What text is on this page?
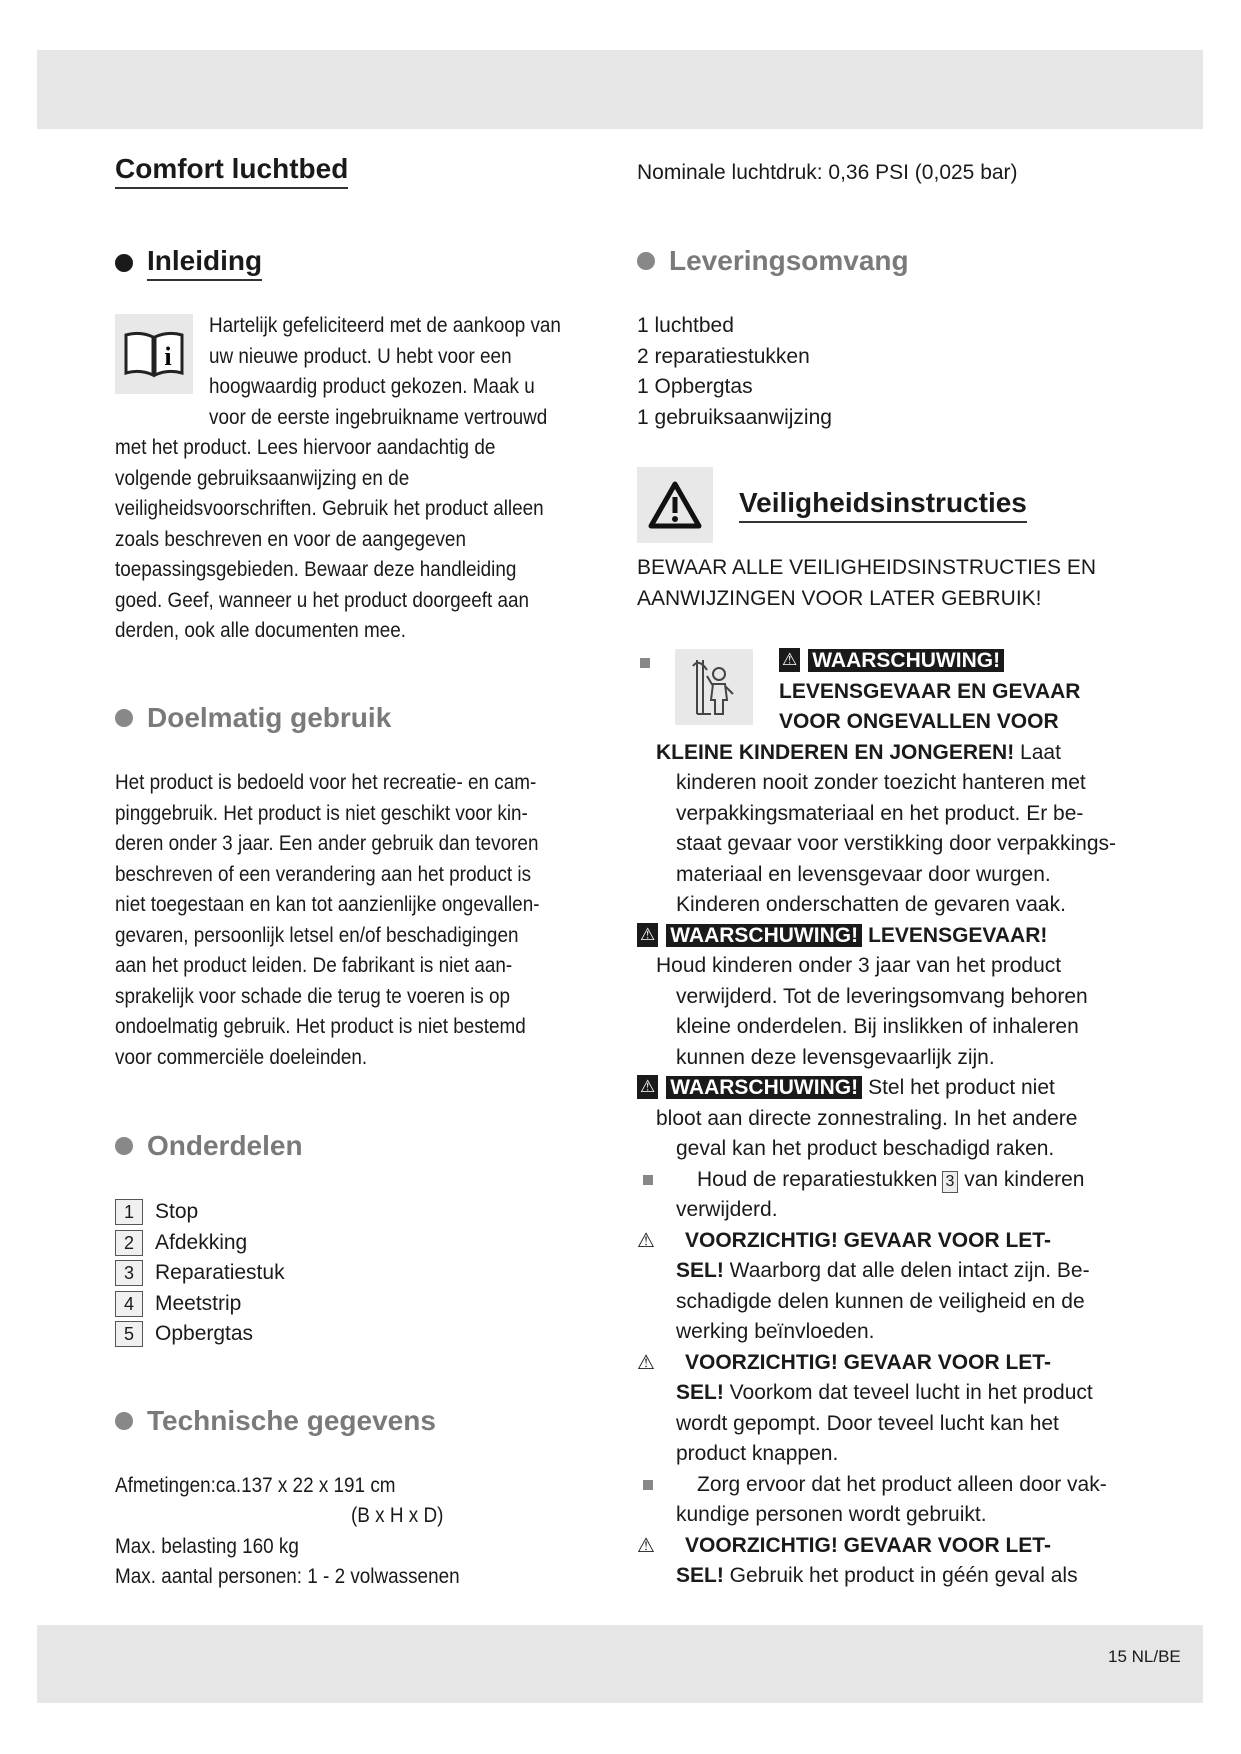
Comfort luchtbed
Inleiding
i
Hartelijk gefeliciteerd met de aankoop van
uw nieuwe product. U hebt voor een
hoogwaardig product gekozen. Maak u
voor de eerste ingebruikname vertrouwd
met het product. Lees hiervoor aandachtig de
volgende gebruiksaanwijzing en de
veiligheidsvoorschriften. Gebruik het product alleen
zoals beschreven en voor de aangegeven
toepassingsgebieden. Bewaar deze handleiding
goed. Geef, wanneer u het product doorgeeft aan
derden, ook alle documenten mee.
Doelmatig gebruik
Het product is bedoeld voor het recreatie- en cam-
pinggebruik. Het product is niet geschikt voor kin-
deren onder 3 jaar. Een ander gebruik dan tevoren
beschreven of een verandering aan het product is
niet toegestaan en kan tot aanzienlijke ongevallen-
gevaren, persoonlijk letsel en/of beschadigingen
aan het product leiden. De fabrikant is niet aan-
sprakelijk voor schade die terug te voeren is op
ondoelmatig gebruik. Het product is niet bestemd
voor commerciële doeleinden.
Onderdelen
1 Stop
2 Afdekking
3 Reparatiestuk
4 Meetstrip
5 Opbergtas
Technische gegevens
Afmetingen:ca.137 x 22 x 191 cm
(B x H x D)
Max. belasting 160 kg
Max. aantal personen: 1 - 2 volwassenen
Nominale luchtdruk: 0,36 PSI (0,025 bar)
Leveringsomvang
1 luchtbed
2 reparatiestukken
1 Opbergtas
1 gebruiksaanwijzing
Veiligheidsinstructies
BEWAAR ALLE VEILIGHEIDSINSTRUCTIES EN
AANWIJZINGEN VOOR LATER GEBRUIK!
⚠ WAARSCHUWING!
LEVENSGEVAAR EN GEVAAR
VOOR ONGEVALLEN VOOR
KLEINE KINDEREN EN JONGEREN! Laat
kinderen nooit zonder toezicht hanteren met
verpakkingsmateriaal en het product. Er be-
staat gevaar voor verstikking door verpakkings-
materiaal en levensgevaar door wurgen.
Kinderen onderschatten de gevaren vaak.
⚠ WAARSCHUWING! LEVENSGEVAAR!
Houd kinderen onder 3 jaar van het product
verwijderd. Tot de leveringsomvang behoren
kleine onderdelen. Bij inslikken of inhaleren
kunnen deze levensgevaarlijk zijn.
⚠ WAARSCHUWING! Stel het product niet
bloot aan directe zonnestraling. In het andere
geval kan het product beschadigd raken.
Houd de reparatiestukken 3 van kinderen
verwijderd.
⚠ VOORZICHTIG! GEVAAR VOOR LET-
SEL! Waarborg dat alle delen intact zijn. Be-
schadigde delen kunnen de veiligheid en de
werking beïnvloeden.
⚠ VOORZICHTIG! GEVAAR VOOR LET-
SEL! Voorkom dat teveel lucht in het product
wordt gepompt. Door teveel lucht kan het
product knappen.
Zorg ervoor dat het product alleen door vak-
kundige personen wordt gebruikt.
⚠ VOORZICHTIG! GEVAAR VOOR LET-
SEL! Gebruik het product in géén geval als
15 NL/BE
